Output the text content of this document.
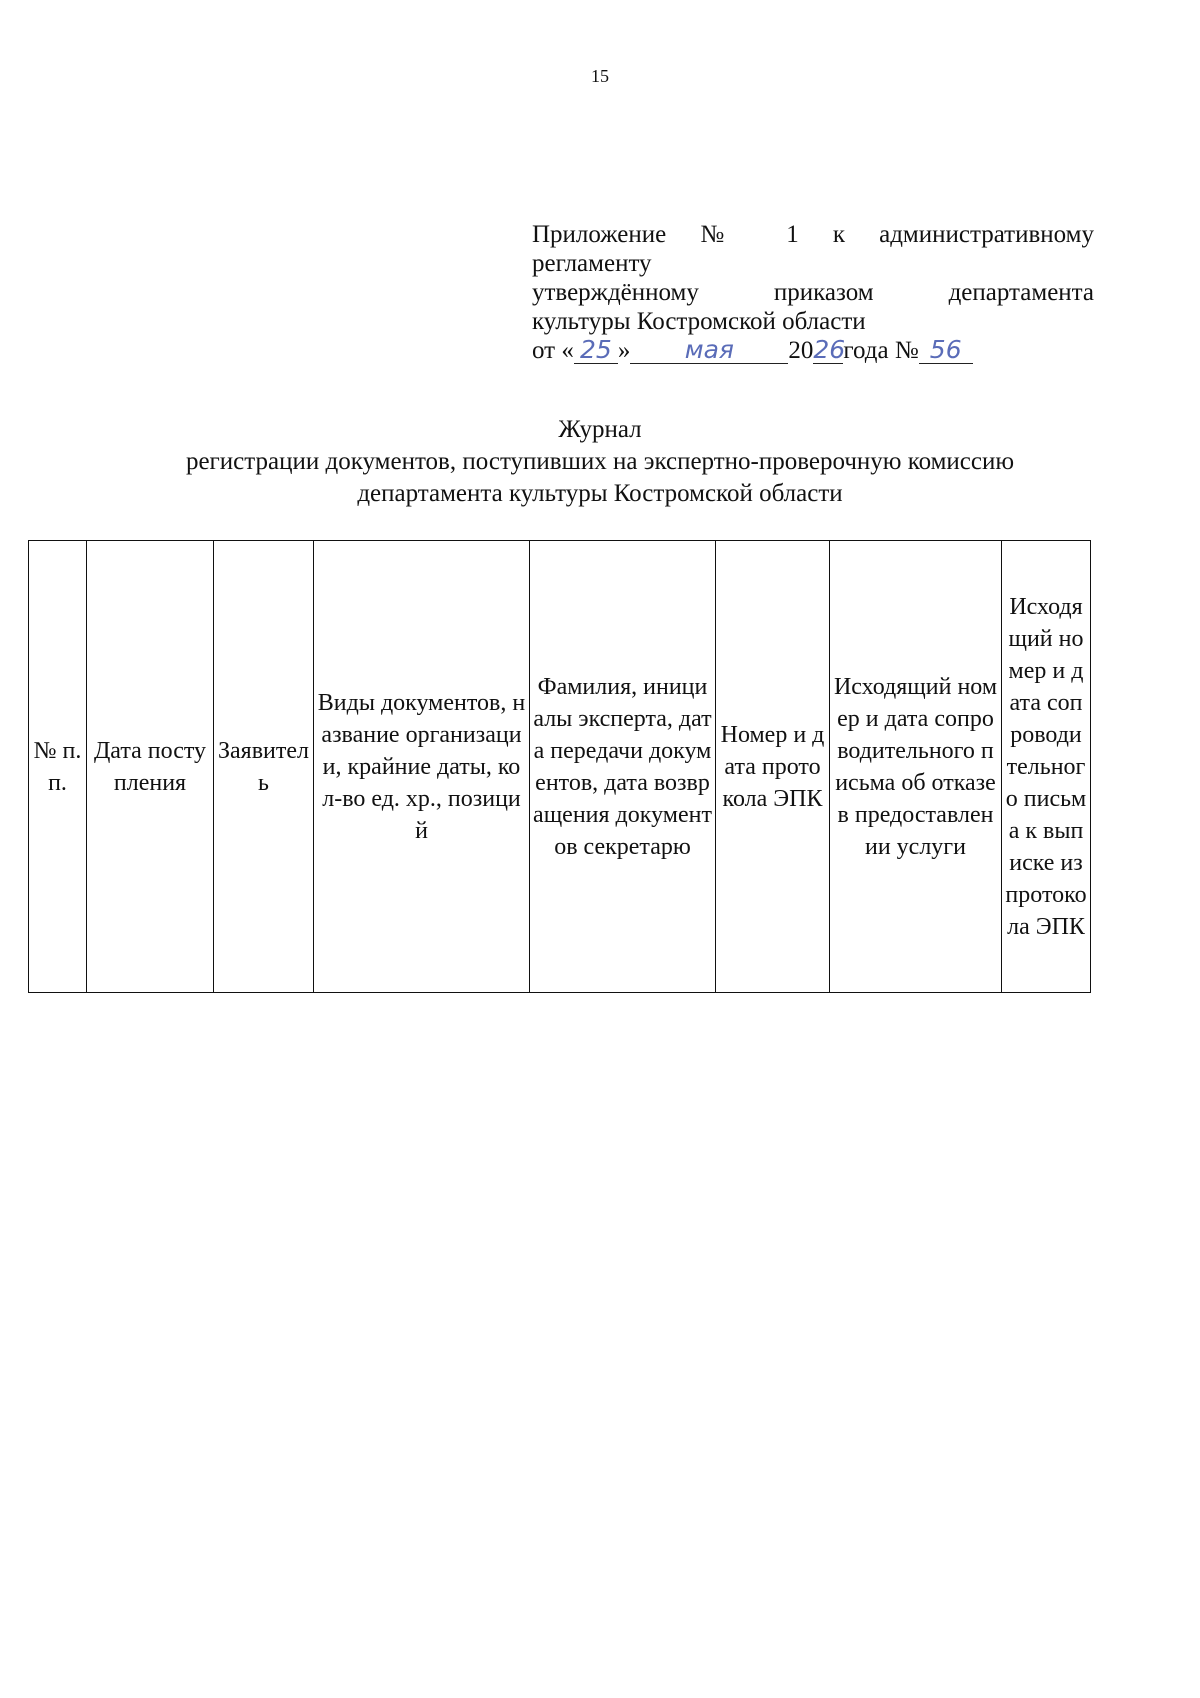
15
Приложение № 1 к административному
регламенту
утверждённому приказом департамента
культуры Костромской области
от « 25 » мая 2026года № 56
Журнал
регистрации документов, поступивших на экспертно-проверочную комиссию
департамента культуры Костромской области
№ п.п.	Дата поступления	Заявитель	Виды документов, название организации, крайние даты, кол-во ед. хр., позиций	Фамилия, инициалы эксперта, дата передачи документов, дата возвращения документов секретарю	Номер и дата протокола ЭПК	Исходящий номер и дата сопроводительного письма об отказе в предоставлении услуги	Исходящий номер и дата сопроводительного письма к выписке из протокола ЭПК
